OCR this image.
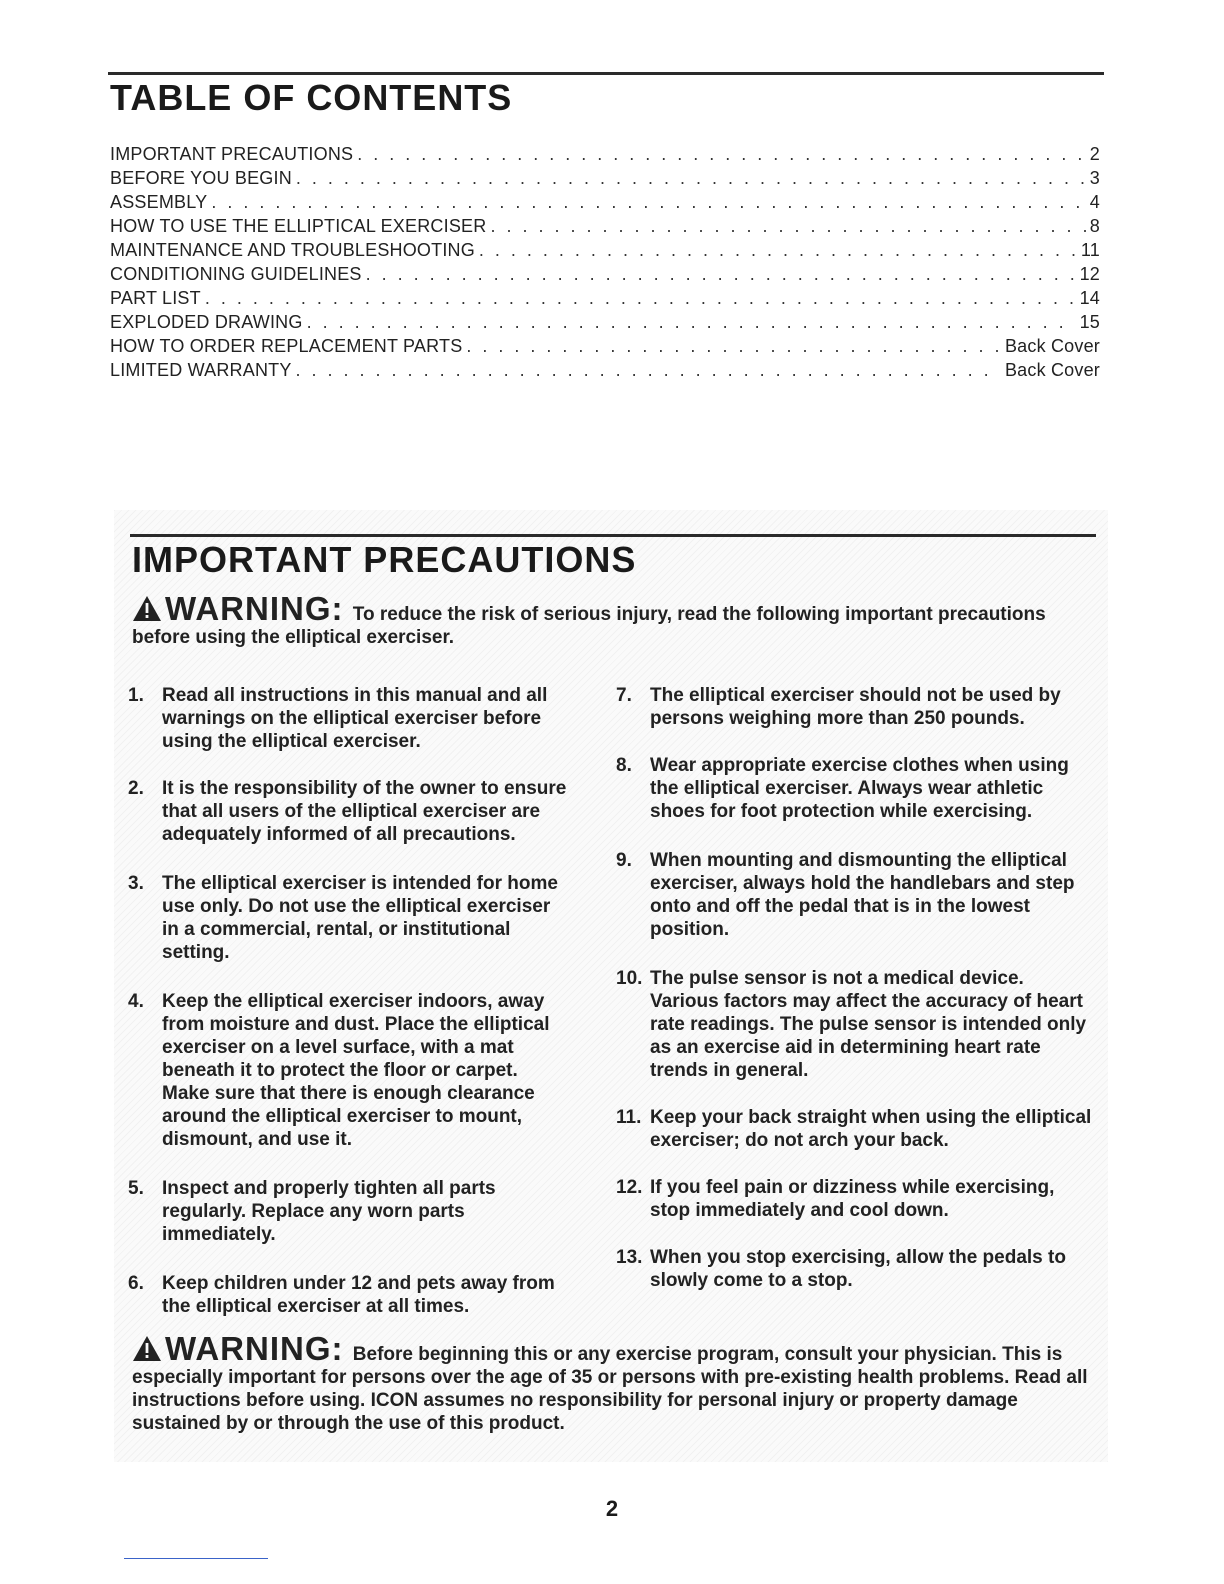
TABLE OF CONTENTS
IMPORTANT PRECAUTIONS . . .	2
BEFORE YOU BEGIN . . .	3
ASSEMBLY . . .	4
HOW TO USE THE ELLIPTICAL EXERCISER . . .	8
MAINTENANCE AND TROUBLESHOOTING . . .	11
CONDITIONING GUIDELINES . . .	12
PART LIST . . .	14
EXPLODED DRAWING . . .	15
HOW TO ORDER REPLACEMENT PARTS . . .	Back Cover
LIMITED WARRANTY . . .	Back Cover
IMPORTANT PRECAUTIONS
WARNING : To reduce the risk of serious injury, read the following important precautions before using the elliptical exerciser.
1. Read all instructions in this manual and all warnings on the elliptical exerciser before using the elliptical exerciser.
2. It is the responsibility of the owner to ensure that all users of the elliptical exerciser are adequately informed of all precautions.
3. The elliptical exerciser is intended for home use only. Do not use the elliptical exerciser in a commercial, rental, or institutional setting.
4. Keep the elliptical exerciser indoors, away from moisture and dust. Place the elliptical exerciser on a level surface, with a mat beneath it to protect the floor or carpet. Make sure that there is enough clearance around the elliptical exerciser to mount, dismount, and use it.
5. Inspect and properly tighten all parts regularly. Replace any worn parts immediately.
6. Keep children under 12 and pets away from the elliptical exerciser at all times.
7. The elliptical exerciser should not be used by persons weighing more than 250 pounds.
8. Wear appropriate exercise clothes when using the elliptical exerciser. Always wear athletic shoes for foot protection while exercising.
9. When mounting and dismounting the elliptical exerciser, always hold the handlebars and step onto and off the pedal that is in the lowest position.
10. The pulse sensor is not a medical device. Various factors may affect the accuracy of heart rate readings. The pulse sensor is intended only as an exercise aid in determining heart rate trends in general.
11. Keep your back straight when using the elliptical exerciser; do not arch your back.
12. If you feel pain or dizziness while exercising, stop immediately and cool down.
13. When you stop exercising, allow the pedals to slowly come to a stop.
WARNING : Before beginning this or any exercise program, consult your physician. This is especially important for persons over the age of 35 or persons with pre-existing health problems. Read all instructions before using. ICON assumes no responsibility for personal injury or property damage sustained by or through the use of this product.
2
